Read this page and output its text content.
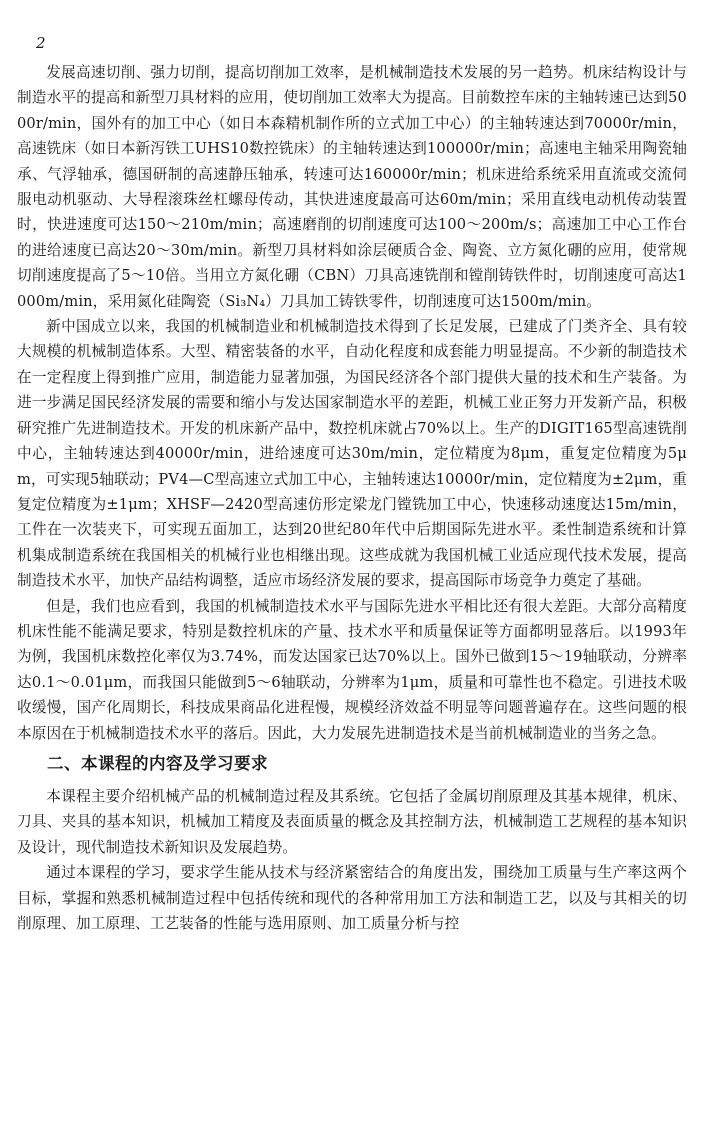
2

发展高速切削、强力切削，提高切削加工效率，是机械制造技术发展的另一趋势。机床结构设计与制造水平的提高和新型刀具材料的应用，使切削加工效率大为提高。目前数控车床的主轴转速已达到5000r/min，国外有的加工中心（如日本森精机制作所的立式加工中心）的主轴转速达到70000r/min，高速铣床（如日本新泻铁工UHS10数控铣床）的主轴转速达到100000r/min；高速电主轴采用陶瓷轴承、气浮轴承，德国研制的高速静压轴承，转速可达160000r/min；机床进给系统采用直流或交流伺服电动机驱动、大导程滚珠丝杠螺母传动，其快进速度最高可达60m/min；采用直线电动机传动装置时，快进速度可达150～210m/min；高速磨削的切削速度可达100～200m/s；高速加工中心工作台的进给速度已高达20～30m/min。新型刀具材料如涂层硬质合金、陶瓷、立方氮化硼的应用，使常规切削速度提高了5～10倍。当用立方氮化硼（CBN）刀具高速铣削和镗削铸铁件时，切削速度可高达1000m/min，采用氮化硅陶瓷（Si₃N₄）刀具加工铸铁零件，切削速度可达1500m/min。

新中国成立以来，我国的机械制造业和机械制造技术得到了长足发展，已建成了门类齐全、具有较大规模的机械制造体系。大型、精密装备的水平，自动化程度和成套能力明显提高。不少新的制造技术在一定程度上得到推广应用，制造能力显著加强，为国民经济各个部门提供大量的技术和生产装备。为进一步满足国民经济发展的需要和缩小与发达国家制造水平的差距，机械工业正努力开发新产品，积极研究推广先进制造技术。开发的机床新产品中，数控机床就占70%以上。生产的DIGIT165型高速铣削中心，主轴转速达到40000r/min，进给速度可达30m/min，定位精度为8μm，重复定位精度为5μm，可实现5轴联动；PV4—C型高速立式加工中心，主轴转速达10000r/min，定位精度为±2μm，重复定位精度为±1μm；XHSF—2420型高速仿形定梁龙门镗铣加工中心，快速移动速度达15m/min，工件在一次装夹下，可实现五面加工，达到20世纪80年代中后期国际先进水平。柔性制造系统和计算机集成制造系统在我国相关的机械行业也相继出现。这些成就为我国机械工业适应现代技术发展，提高制造技术水平，加快产品结构调整，适应市场经济发展的要求，提高国际市场竞争力奠定了基础。

但是，我们也应看到，我国的机械制造技术水平与国际先进水平相比还有很大差距。大部分高精度机床性能不能满足要求，特别是数控机床的产量、技术水平和质量保证等方面都明显落后。以1993年为例，我国机床数控化率仅为3.74%，而发达国家已达70%以上。国外已做到15～19轴联动，分辨率达0.1～0.01μm，而我国只能做到5～6轴联动，分辨率为1μm，质量和可靠性也不稳定。引进技术吸收缓慢，国产化周期长，科技成果商品化进程慢，规模经济效益不明显等问题普遍存在。这些问题的根本原因在于机械制造技术水平的落后。因此，大力发展先进制造技术是当前机械制造业的当务之急。

二、本课程的内容及学习要求

本课程主要介绍机械产品的机械制造过程及其系统。它包括了金属切削原理及其基本规律，机床、刀具、夹具的基本知识，机械加工精度及表面质量的概念及其控制方法，机械制造工艺规程的基本知识及设计，现代制造技术新知识及发展趋势。

通过本课程的学习，要求学生能从技术与经济紧密结合的角度出发，围绕加工质量与生产率这两个目标，掌握和熟悉机械制造过程中包括传统和现代的各种常用加工方法和制造工艺，以及与其相关的切削原理、加工原理、工艺装备的性能与选用原则、加工质量分析与控
